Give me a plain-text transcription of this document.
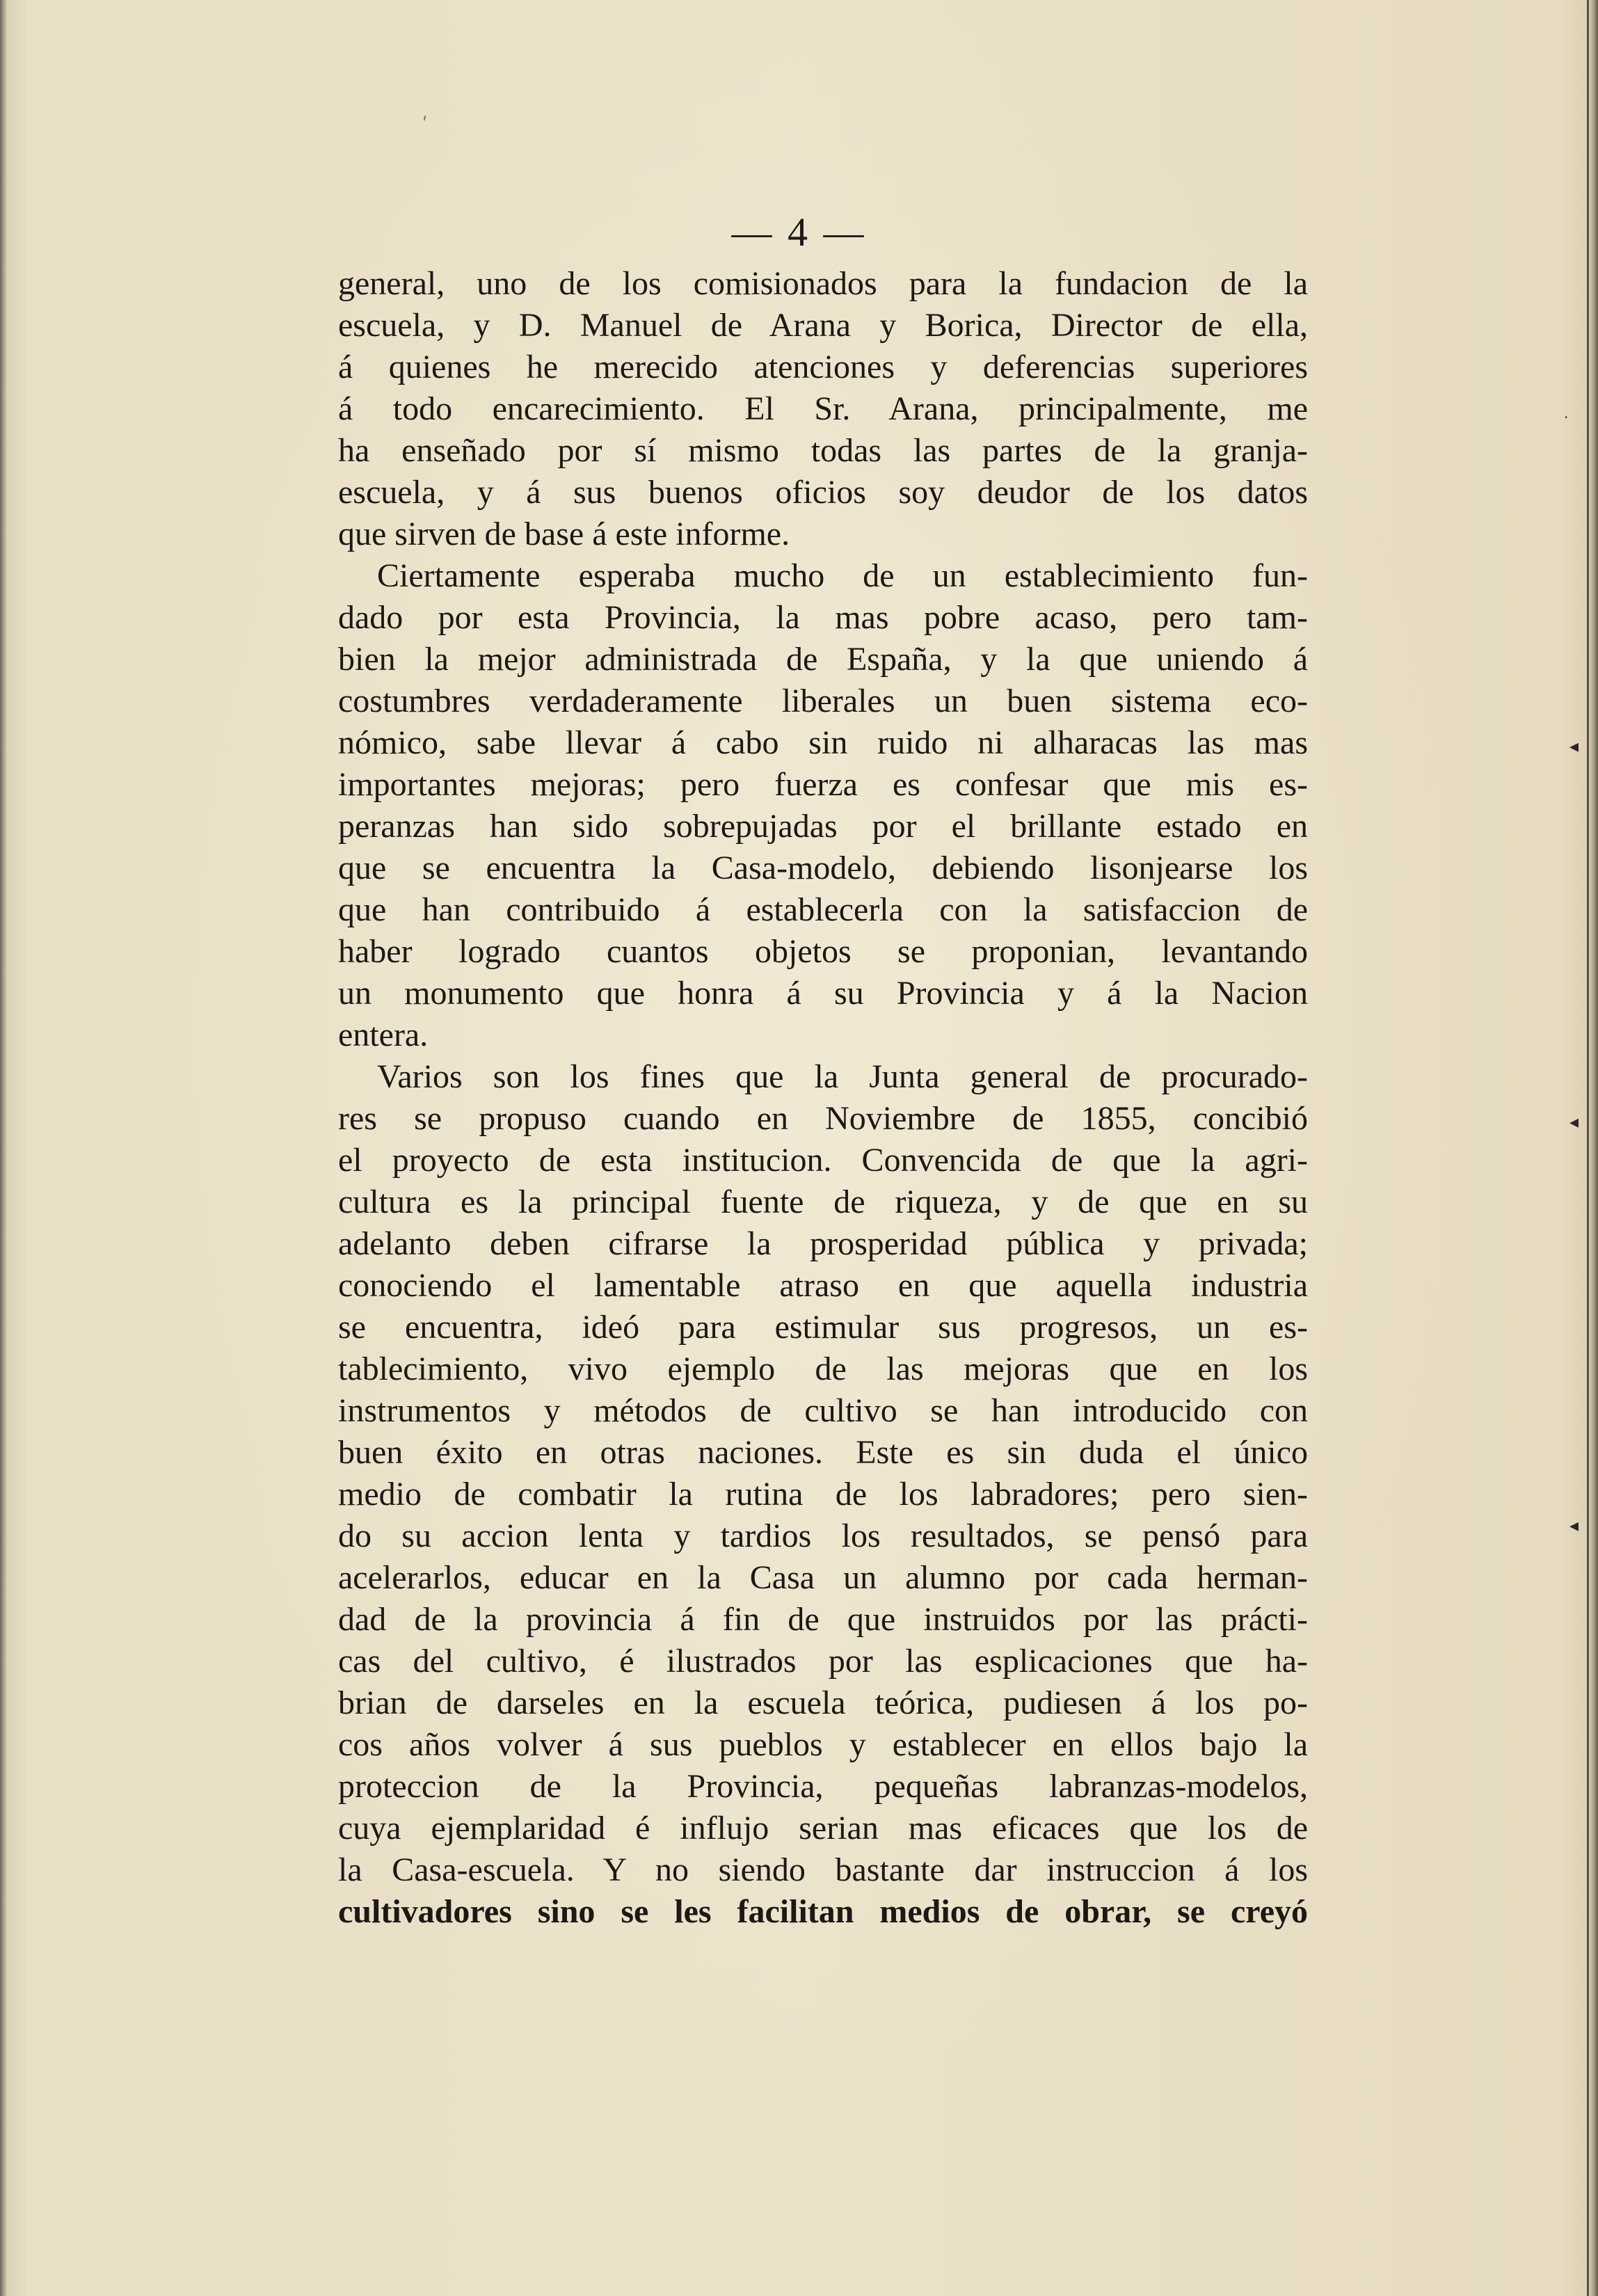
´
◂
◂
◂
·
— 4 —
general, uno de los comisionados para la fundacion de la
escuela, y D. Manuel de Arana y Borica, Director de ella,
á quienes he merecido atenciones y deferencias superiores
á todo encarecimiento. El Sr. Arana, principalmente, me
ha enseñado por sí mismo todas las partes de la granja-
escuela, y á sus buenos oficios soy deudor de los datos
que sirven de base á este informe.
Ciertamente esperaba mucho de un establecimiento fun-
dado por esta Provincia, la mas pobre acaso, pero tam-
bien la mejor administrada de España, y la que uniendo á
costumbres verdaderamente liberales un buen sistema eco-
nómico, sabe llevar á cabo sin ruido ni alharacas las mas
importantes mejoras; pero fuerza es confesar que mis es-
peranzas han sido sobrepujadas por el brillante estado en
que se encuentra la Casa-modelo, debiendo lisonjearse los
que han contribuido á establecerla con la satisfaccion de
haber logrado cuantos objetos se proponian, levantando
un monumento que honra á su Provincia y á la Nacion
entera.
Varios son los fines que la Junta general de procurado-
res se propuso cuando en Noviembre de 1855, concibió
el proyecto de esta institucion. Convencida de que la agri-
cultura es la principal fuente de riqueza, y de que en su
adelanto deben cifrarse la prosperidad pública y privada;
conociendo el lamentable atraso en que aquella industria
se encuentra, ideó para estimular sus progresos, un es-
tablecimiento, vivo ejemplo de las mejoras que en los
instrumentos y métodos de cultivo se han introducido con
buen éxito en otras naciones. Este es sin duda el único
medio de combatir la rutina de los labradores; pero sien-
do su accion lenta y tardios los resultados, se pensó para
acelerarlos, educar en la Casa un alumno por cada herman-
dad de la provincia á fin de que instruidos por las prácti-
cas del cultivo, é ilustrados por las esplicaciones que ha-
brian de darseles en la escuela teórica, pudiesen á los po-
cos años volver á sus pueblos y establecer en ellos bajo la
proteccion de la Provincia, pequeñas labranzas-modelos,
cuya ejemplaridad é influjo serian mas eficaces que los de
la Casa-escuela. Y no siendo bastante dar instruccion á los
cultivadores sino se les facilitan medios de obrar, se creyó
